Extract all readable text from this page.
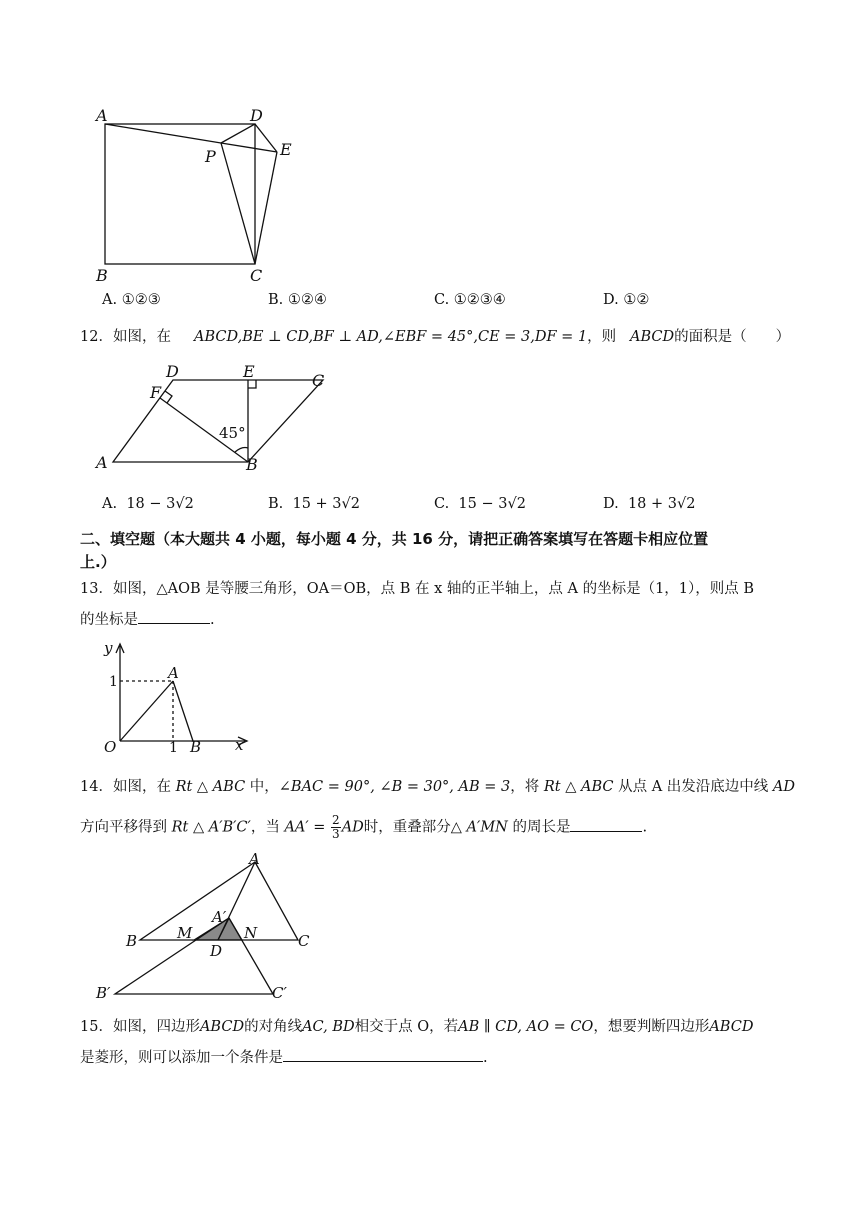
A	D
P	E
B	C
A. ①②③	B. ①②④	C. ①②③④	D. ①②
12．如图，在 ABCD,BE ⊥ CD,BF ⊥ AD,∠EBF = 45°,CE = 3,DF = 1，则 ABCD的面积是（　　）
D	E	C
F
A	B
45°
A. 18 − 3√2	B. 15 + 3√2	C. 15 − 3√2	D. 18 + 3√2
二、填空题（本大题共 4 小题，每小题 4 分，共 16 分，请把正确答案填写在答题卡相应位置
上.）
13．如图，△AOB 是等腰三角形，OA＝OB，点 B 在 x 轴的正半轴上，点 A 的坐标是（1，1），则点 B
的坐标是	.
y
x
A
1
O	1 B
14．如图，在 Rt △ ABC 中，∠BAC = 90°, ∠B = 30°, AB = 3，将 Rt △ ABC 从点 A 出发沿底边中线 AD
方向平移得到 Rt △ A′B′C′，当 $AA' = \frac{2}{3}$ AD时，重叠部分△ A′MN 的周长是	.
A
A′
B	M	N	C
D
B′	C′
15．如图，四边形ABCD的对角线AC, BD相交于点 O，若AB ∥ CD, AO = CO，想要判断四边形ABCD
是菱形，则可以添加一个条件是	.
